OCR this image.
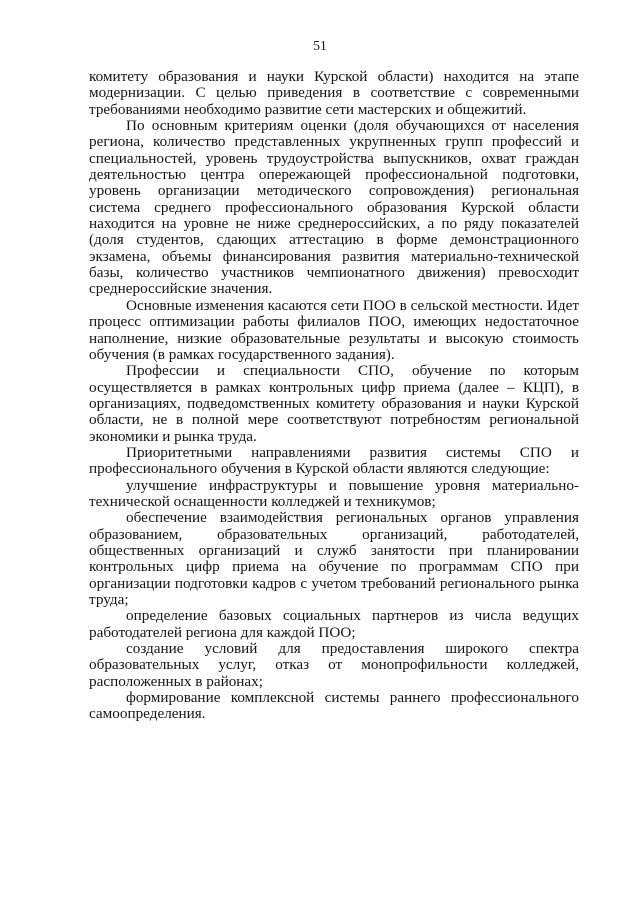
51
комитету образования и науки Курской области) находится на этапе
модернизации. С целью приведения в соответствие с современными
требованиями необходимо развитие сети мастерских и общежитий.
По основным критериям оценки (доля обучающихся от населения
региона, количество представленных укрупненных групп профессий и
специальностей, уровень трудоустройства выпускников, охват граждан
деятельностью центра опережающей профессиональной подготовки,
уровень организации методического сопровождения) региональная
система среднего профессионального образования Курской области
находится на уровне не ниже среднероссийских, а по ряду показателей
(доля студентов, сдающих аттестацию в форме демонстрационного
экзамена, объемы финансирования развития материально-технической
базы, количество участников чемпионатного движения) превосходит
среднероссийские значения.
Основные изменения касаются сети ПОО в сельской местности. Идет
процесс оптимизации работы филиалов ПОО, имеющих недостаточное
наполнение, низкие образовательные результаты и высокую стоимость
обучения (в рамках государственного задания).
Профессии и специальности СПО, обучение по которым
осуществляется в рамках контрольных цифр приема (далее – КЦП), в
организациях, подведомственных комитету образования и науки Курской
области, не в полной мере соответствуют потребностям региональной
экономики и рынка труда.
Приоритетными направлениями развития системы СПО и
профессионального обучения в Курской области являются следующие:
улучшение инфраструктуры и повышение уровня материально-
технической оснащенности колледжей и техникумов;
обеспечение взаимодействия региональных органов управления
образованием, образовательных организаций, работодателей,
общественных организаций и служб занятости при планировании
контрольных цифр приема на обучение по программам СПО при
организации подготовки кадров с учетом требований регионального рынка
труда;
определение базовых социальных партнеров из числа ведущих
работодателей региона для каждой ПОО;
создание условий для предоставления широкого спектра
образовательных услуг, отказ от монопрофильности колледжей,
расположенных в районах;
формирование комплексной системы раннего профессионального
самоопределения.
